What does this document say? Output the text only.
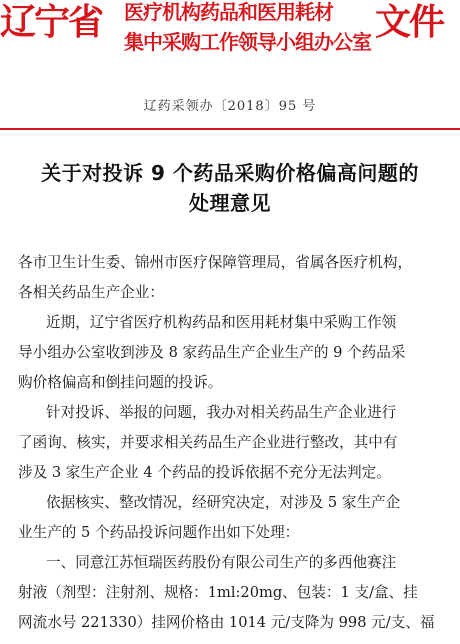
辽宁省 医疗机构药品和医用耗材
集中采购工作领导小组办公室 文件
辽药采领办〔2018〕95 号
关于对投诉 9 个药品采购价格偏高问题的
处理意见
各市卫生计生委、锦州市医疗保障管理局，省属各医疗机构，
各相关药品生产企业：
近期，辽宁省医疗机构药品和医用耗材集中采购工作领
导小组办公室收到涉及 8 家药品生产企业生产的 9 个药品采
购价格偏高和倒挂问题的投诉。
针对投诉、举报的问题，我办对相关药品生产企业进行
了函询、核实，并要求相关药品生产企业进行整改，其中有
涉及 3 家生产企业 4 个药品的投诉依据不充分无法判定。
依据核实、整改情况，经研究决定，对涉及 5 家生产企
业生产的 5 个药品投诉问题作出如下处理：
一、同意江苏恒瑞医药股份有限公司生产的多西他赛注
射液（剂型：注射剂、规格：1ml:20mg、包装：1 支/盒、挂
网流水号 221330）挂网价格由 1014 元/支降为 998 元/支、福
